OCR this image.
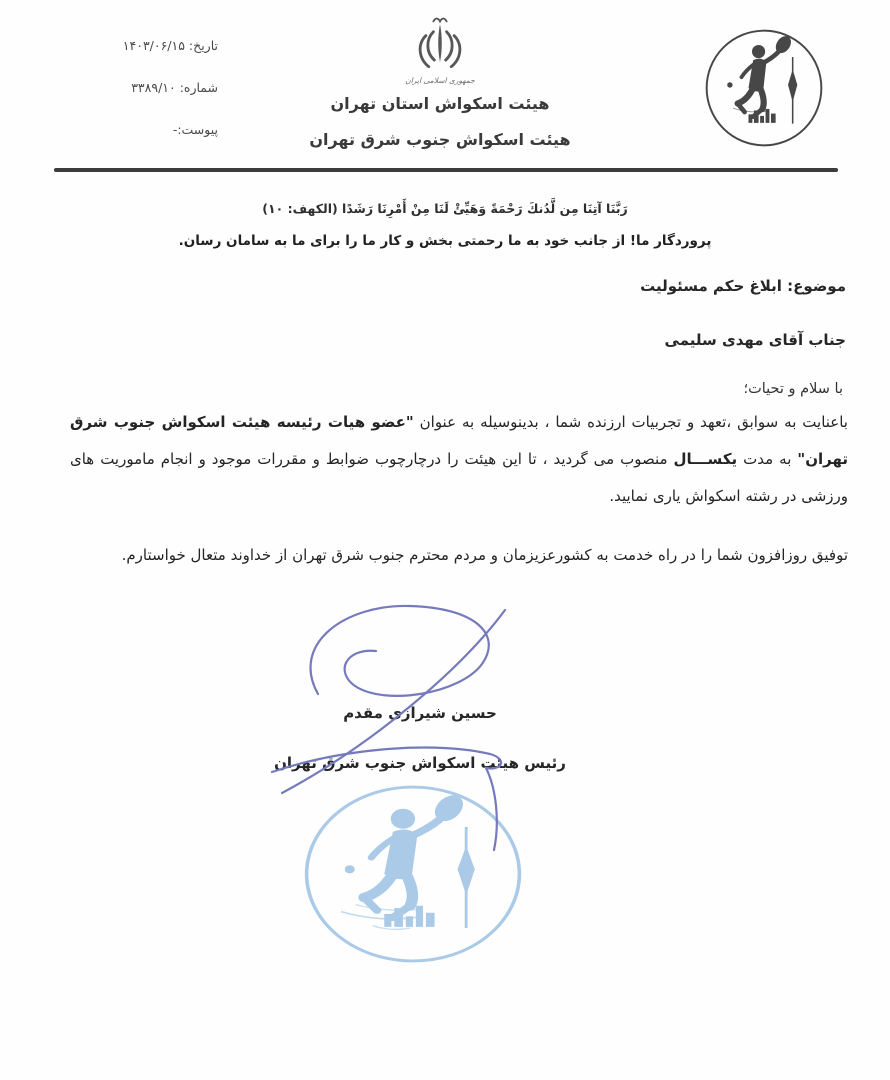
تاریخ: ۱۴۰۳/۰۶/۱۵
شماره: ۳۳۸۹/۱۰
پیوست:-
جمهوری اسلامی ایران
هیئت اسکواش استان تهران
هیئت اسکواش جنوب شرق تهران
رَبَّنَا آتِنَا مِن لَّدُنكَ رَحْمَةً وَهَيِّئْ لَنَا مِنْ أَمْرِنَا رَشَدًا (الکهف: ۱۰)
پروردگار ما! از جانب خود به ما رحمتی بخش و کار ما را برای ما به سامان رسان.
موضوع: ابلاغ حکم مسئولیت
جناب آقای مهدی سلیمی
با سلام و تحیات؛

باعنایت به سوابق ،تعهد و تجربیات ارزنده شما ، بدینوسیله به عنوان "عضو هیات رئیسه هیئت اسکواش جنوب شرق تهران" به مدت یکســـال منصوب می گردید ، تا این هیئت را درچارچوب ضوابط و مقررات موجود و انجام ماموریت های ورزشی در رشته اسکواش یاری نمایید.

توفیق روزافزون شما را در راه خدمت به کشورعزیزمان و مردم محترم جنوب شرق تهران از خداوند متعال خواستارم.

حسین شیرازی مقدم
رئیس هیئت اسکواش جنوب شرق تهران
